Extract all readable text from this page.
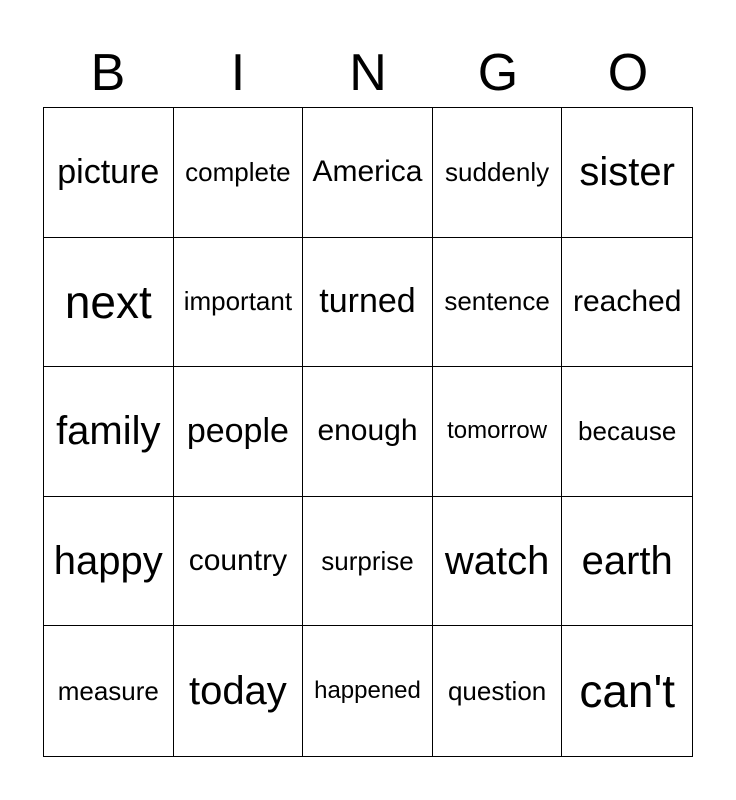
B	I	N	G	O
picture complete America suddenly sister
next	important turned	sentence reached
family people enough	tomorrow	because
happy country	surprise watch earth
measure today	happened	question can't
